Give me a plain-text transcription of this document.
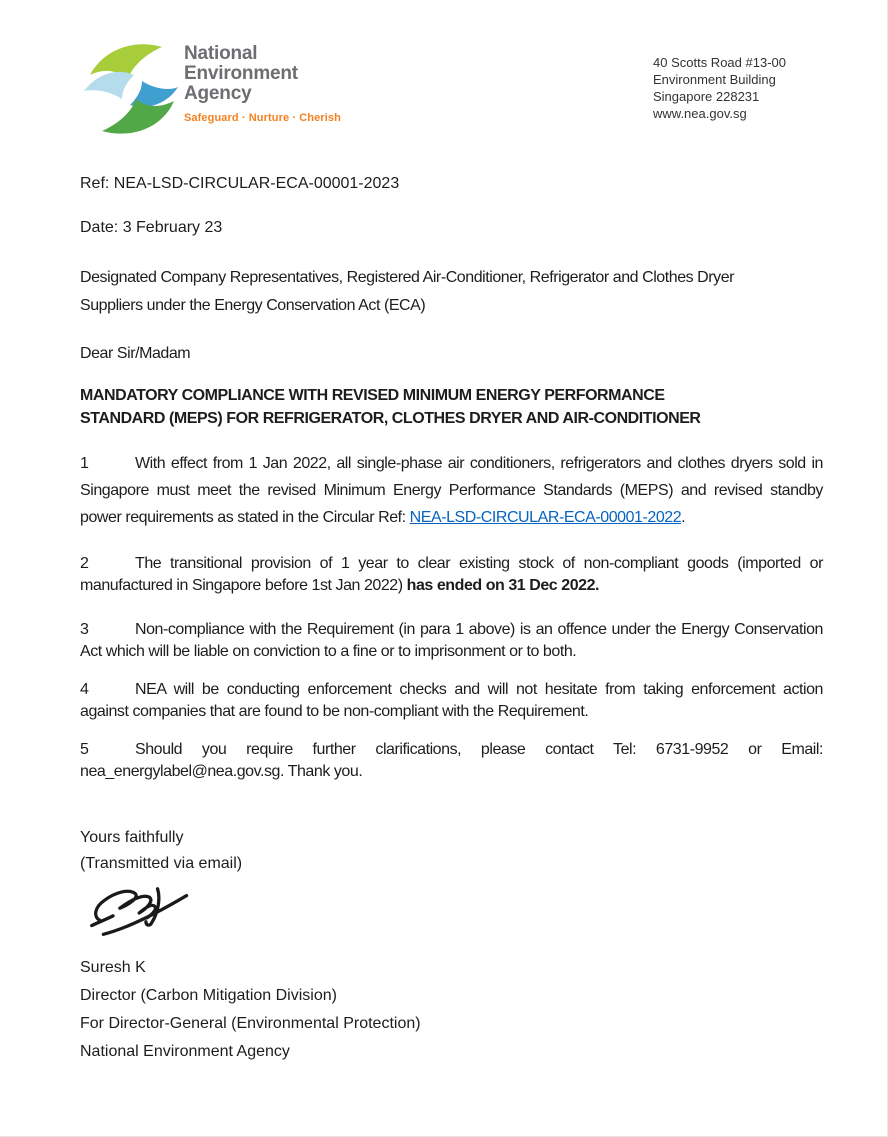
National
Environment
Agency
Safeguard · Nurture · Cherish
40 Scotts Road #13-00
Environment Building
Singapore 228231
www.nea.gov.sg
Ref: NEA-LSD-CIRCULAR-ECA-00001-2023
Date: 3 February 23
Designated Company Representatives, Registered Air-Conditioner, Refrigerator and Clothes Dryer
Suppliers under the Energy Conservation Act (ECA)
Dear Sir/Madam
MANDATORY COMPLIANCE WITH REVISED MINIMUM ENERGY PERFORMANCE
STANDARD (MEPS) FOR REFRIGERATOR, CLOTHES DRYER AND AIR-CONDITIONER

1	With effect from 1 Jan 2022, all single-phase air conditioners, refrigerators and clothes dryers sold in Singapore must meet the revised Minimum Energy Performance Standards (MEPS) and revised standby power requirements as stated in the Circular Ref: NEA-LSD-CIRCULAR-ECA-00001-2022.

2	The transitional provision of 1 year to clear existing stock of non-compliant goods (imported or manufactured in Singapore before 1st Jan 2022) has ended on 31 Dec 2022.

3	Non-compliance with the Requirement (in para 1 above) is an offence under the Energy Conservation Act which will be liable on conviction to a fine or to imprisonment or to both.

4	NEA will be conducting enforcement checks and will not hesitate from taking enforcement action against companies that are found to be non-compliant with the Requirement.

5	Should you require further clarifications, please contact Tel: 6731-9952 or Email: nea_energylabel@nea.gov.sg. Thank you.

Yours faithfully
(Transmitted via email)
Suresh K
Director (Carbon Mitigation Division)
For Director-General (Environmental Protection)
National Environment Agency
